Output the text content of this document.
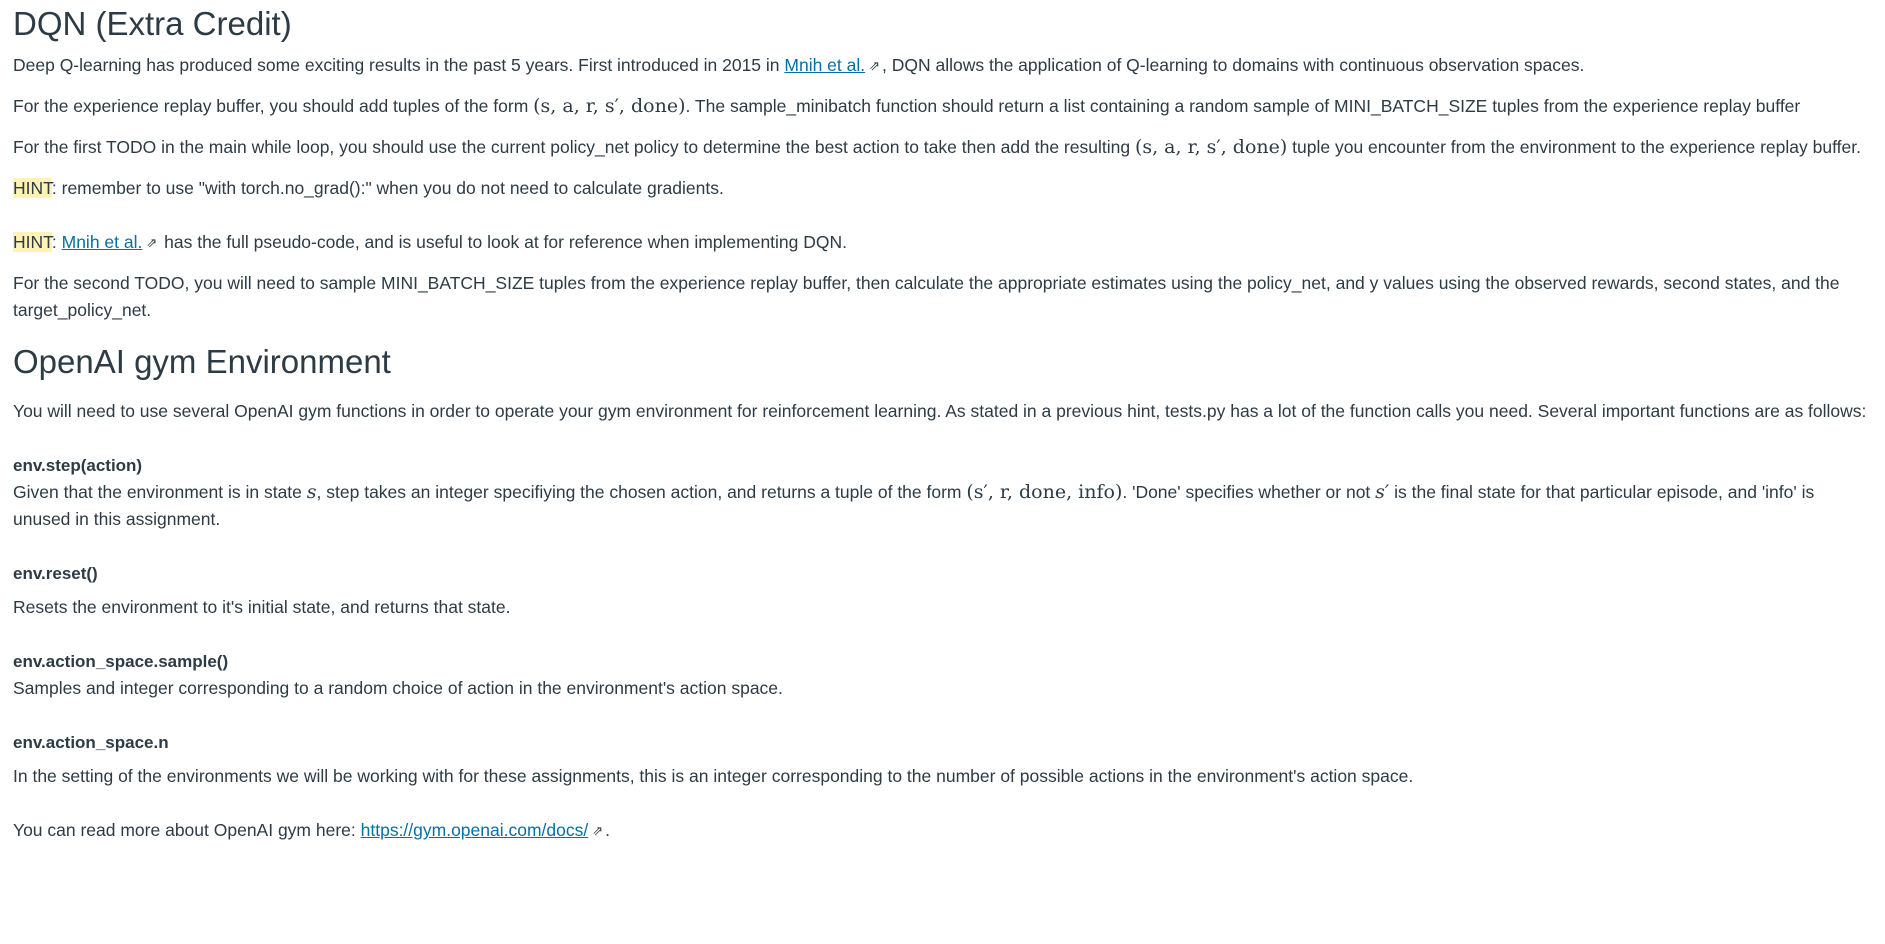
DQN (Extra Credit)

Deep Q-learning has produced some exciting results in the past 5 years. First introduced in 2015 in Mnih et al. ⇗ , DQN allows the application of Q-learning to domains with continuous observation spaces.

For the experience replay buffer, you should add tuples of the form (s, a, r, s′, done). The sample_minibatch function should return a list containing a random sample of MINI_BATCH_SIZE tuples from the experience replay buffer

For the first TODO in the main while loop, you should use the current policy_net policy to determine the best action to take then add the resulting (s, a, r, s′, done) tuple you encounter from the environment to the experience replay buffer.

HINT: remember to use "with torch.no_grad():" when you do not need to calculate gradients.

HINT: Mnih et al. ⇗ has the full pseudo-code, and is useful to look at for reference when implementing DQN.

For the second TODO, you will need to sample MINI_BATCH_SIZE tuples from the experience replay buffer, then calculate the appropriate estimates using the policy_net, and y values using the observed rewards, second states, and the target_policy_net.

OpenAI gym Environment

You will need to use several OpenAI gym functions in order to operate your gym environment for reinforcement learning. As stated in a previous hint, tests.py has a lot of the function calls you need. Several important functions are as follows:

env.step(action)
Given that the environment is in state s, step takes an integer specifiying the chosen action, and returns a tuple of the form (s′, r, done, info). 'Done' specifies whether or not s′ is the final state for that particular episode, and 'info' is unused in this assignment.

env.reset()

Resets the environment to it's initial state, and returns that state.

env.action_space.sample()
Samples and integer corresponding to a random choice of action in the environment's action space.

env.action_space.n

In the setting of the environments we will be working with for these assignments, this is an integer corresponding to the number of possible actions in the environment's action space.

You can read more about OpenAI gym here: https://gym.openai.com/docs/ ⇗ .
